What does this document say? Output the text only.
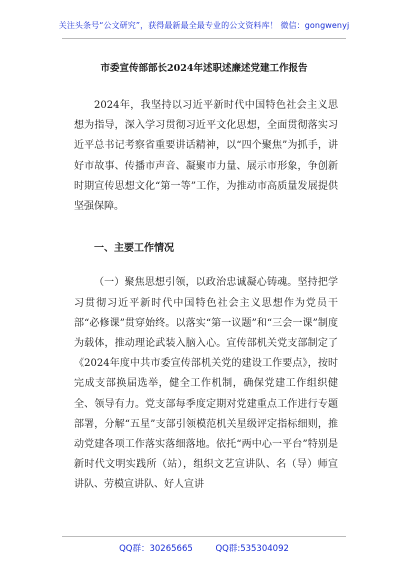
关注头条号“公文研究”，获得最新最全最专业的公文资料库！ 微信：gongwenyj
市委宣传部部长2024年述职述廉述党建工作报告

2024年，我坚持以习近平新时代中国特色社会主义思想为指导，深入学习贯彻习近平文化思想，全面贯彻落实习近平总书记考察省重要讲话精神，以“四个聚焦”为抓手，讲好市故事、传播市声音、凝聚市力量、展示市形象，争创新时期宣传思想文化“第一等”工作，为推动市高质量发展提供坚强保障。

一、主要工作情况

（一）聚焦思想引领，以政治忠诚凝心铸魂。坚持把学习贯彻习近平新时代中国特色社会主义思想作为党员干部“必修课”贯穿始终。以落实“第一议题”和“三会一课”制度为载体，推动理论武装入脑入心。宣传部机关党支部制定了《2024年度中共市委宣传部机关党的建设工作要点》，按时完成支部换届选举，健全工作机制，确保党建工作组织健全、领导有力。党支部每季度定期对党建重点工作进行专题部署，分解“五星”支部引领模范机关星级评定指标细则，推动党建各项工作落实落细落地。依托“两中心一平台”特别是新时代文明实践所（站），组织文艺宣讲队、名（导）师宣讲队、劳模宣讲队、好人宣讲

QQ群：30265665	QQ群:535304092
